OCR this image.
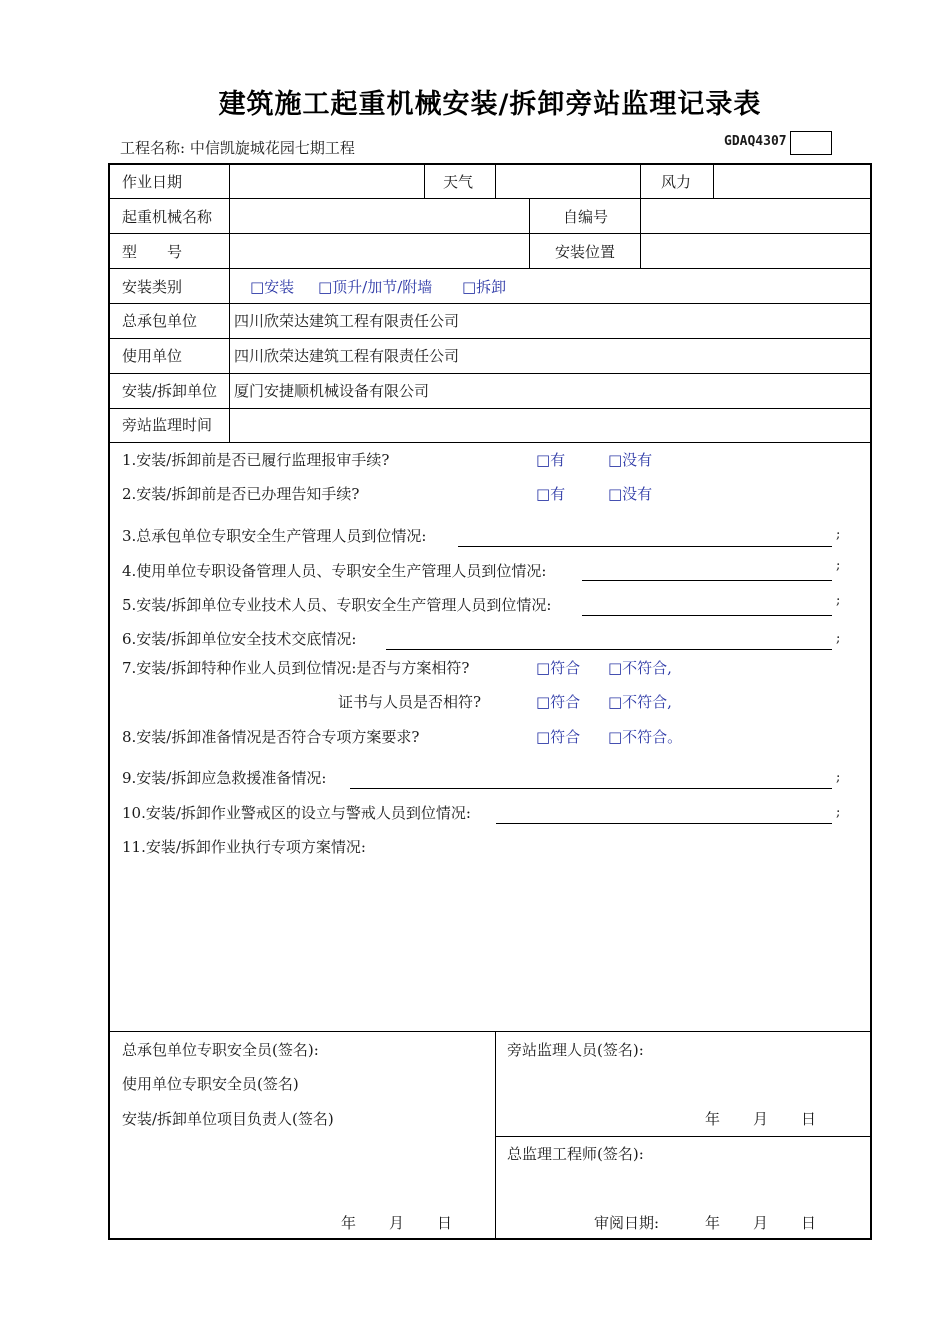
建筑施工起重机械安装/拆卸旁站监理记录表
工程名称: 中信凯旋城花园七期工程	GDAQ4307
作业日期	天气	风力
起重机械名称	自编号
型　　号	安装位置
安装类别	□安装 □顶升/加节/附墙 □拆卸
总承包单位 四川欣荣达建筑工程有限责任公司
使用单位	四川欣荣达建筑工程有限责任公司
安装/拆卸单位 厦门安捷顺机械设备有限公司
旁站监理时间
1.安装/拆卸前是否已履行监理报审手续?	□有	□没有
2.安装/拆卸前是否已办理告知手续?	□有	□没有
3.总承包单位专职安全生产管理人员到位情况:	;
4.使用单位专职设备管理人员、专职安全生产管理人员到位情况:	;
5.安装/拆卸单位专业技术人员、专职安全生产管理人员到位情况:	;
6.安装/拆卸单位安全技术交底情况:	;
7.安装/拆卸特种作业人员到位情况:是否与方案相符?	□符合 □不符合,
证书与人员是否相符?	□符合 □不符合,
8.安装/拆卸准备情况是否符合专项方案要求?	□符合 □不符合。
9.安装/拆卸应急救援准备情况:	;
10.安装/拆卸作业警戒区的设立与警戒人员到位情况:	;
11.安装/拆卸作业执行专项方案情况:
总承包单位专职安全员(签名):
使用单位专职安全员(签名)
安装/拆卸单位项目负责人(签名)
年 月 日
旁站监理人员(签名):
年 月 日
总监理工程师(签名):
审阅日期:	年 月 日
